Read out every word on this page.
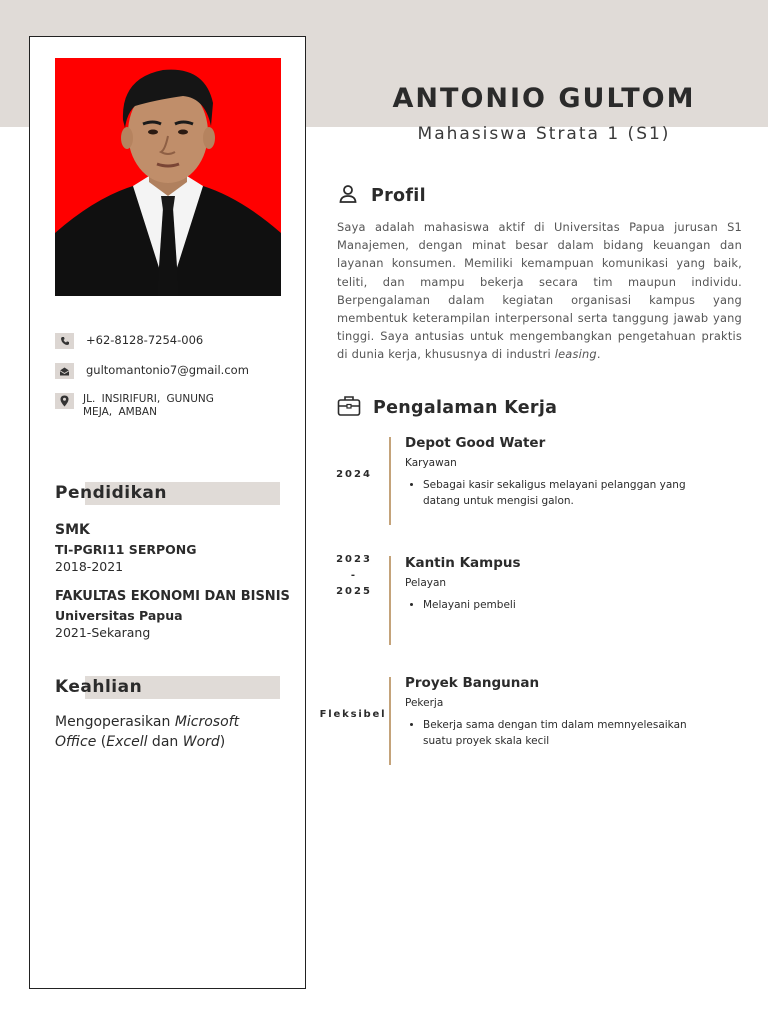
+62-8128-7254-006
gultomantonio7@gmail.com
JL. INSIRIFURI, GUNUNG MEJA, AMBAN
Pendidikan
SMK
TI-PGRI11 SERPONG
2018-2021
FAKULTAS EKONOMI DAN BISNIS
Universitas Papua
2021-Sekarang
Keahlian
Mengoperasikan Microsoft Office (Excell dan Word)
ANTONIO GULTOM
Mahasiswa Strata 1 (S1)
Profil
Saya adalah mahasiswa aktif di Universitas Papua jurusan S1 Manajemen, dengan minat besar dalam bidang keuangan dan layanan konsumen. Memiliki kemampuan komunikasi yang baik, teliti, dan mampu bekerja secara tim maupun individu. Berpengalaman dalam kegiatan organisasi kampus yang membentuk keterampilan interpersonal serta tanggung jawab yang tinggi. Saya antusias untuk mengembangkan pengetahuan praktis di dunia kerja, khususnya di industri leasing.
Pengalaman Kerja
2024
Depot Good Water
Karyawan
• Sebagai kasir sekaligus melayani pelanggan yang datang untuk mengisi galon.
2023
-
2025
Kantin Kampus
Pelayan
• Melayani pembeli
Fleksibel
Proyek Bangunan
Pekerja
• Bekerja sama dengan tim dalam memnyelesaikan suatu proyek skala kecil
